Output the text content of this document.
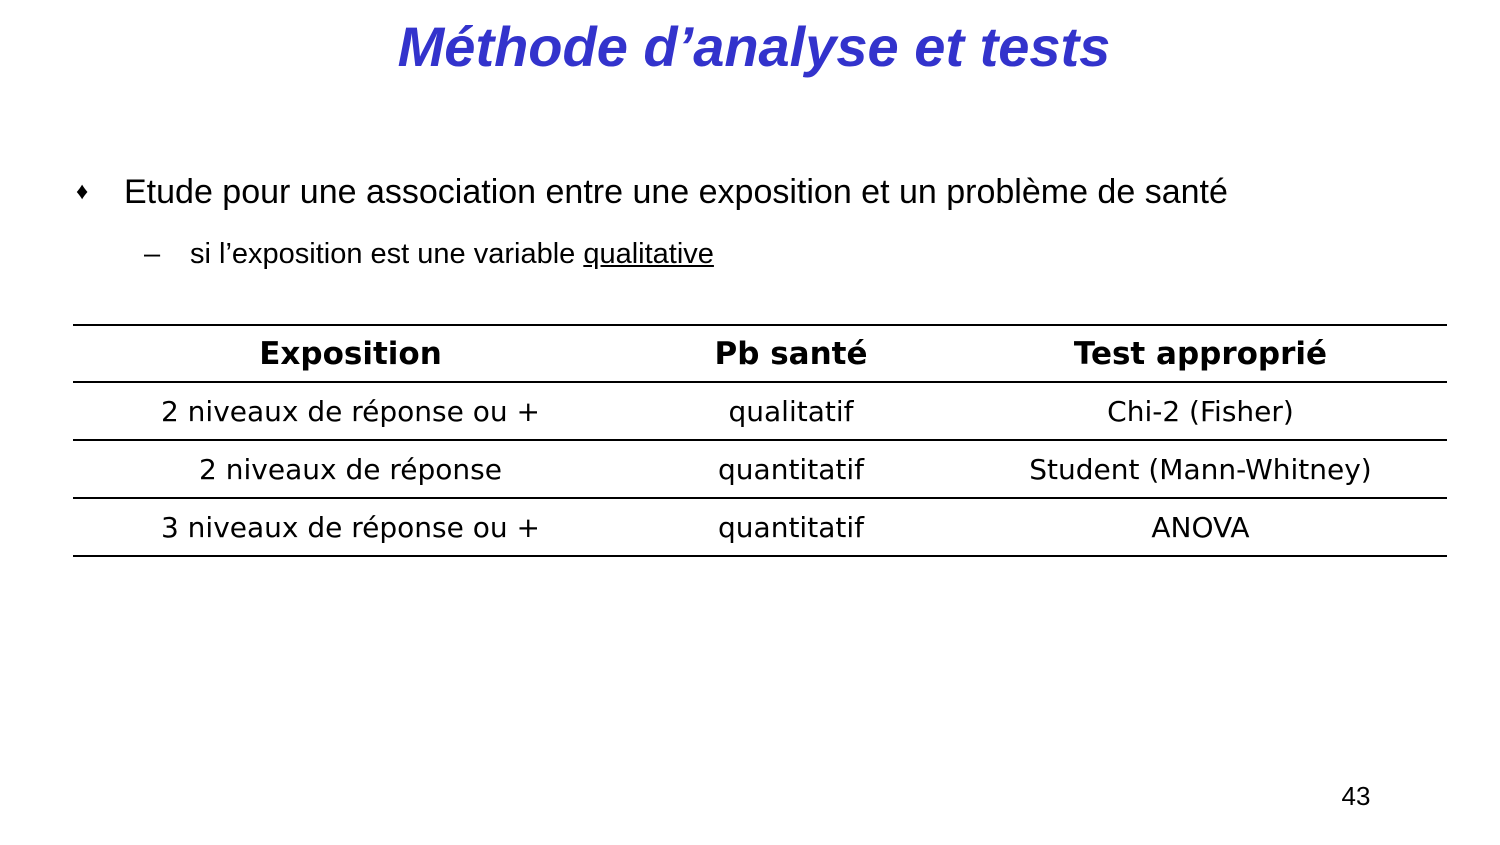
Méthode d’analyse et tests
♦	Etude pour une association entre une exposition et un problème de santé
–	si l’exposition est une variable qualitative
Exposition	Pb santé	Test approprié
2 niveaux de réponse ou +	qualitatif	Chi-2 (Fisher)
2 niveaux de réponse	quantitatif	Student (Mann-Whitney)
3 niveaux de réponse ou +	quantitatif	ANOVA
43
